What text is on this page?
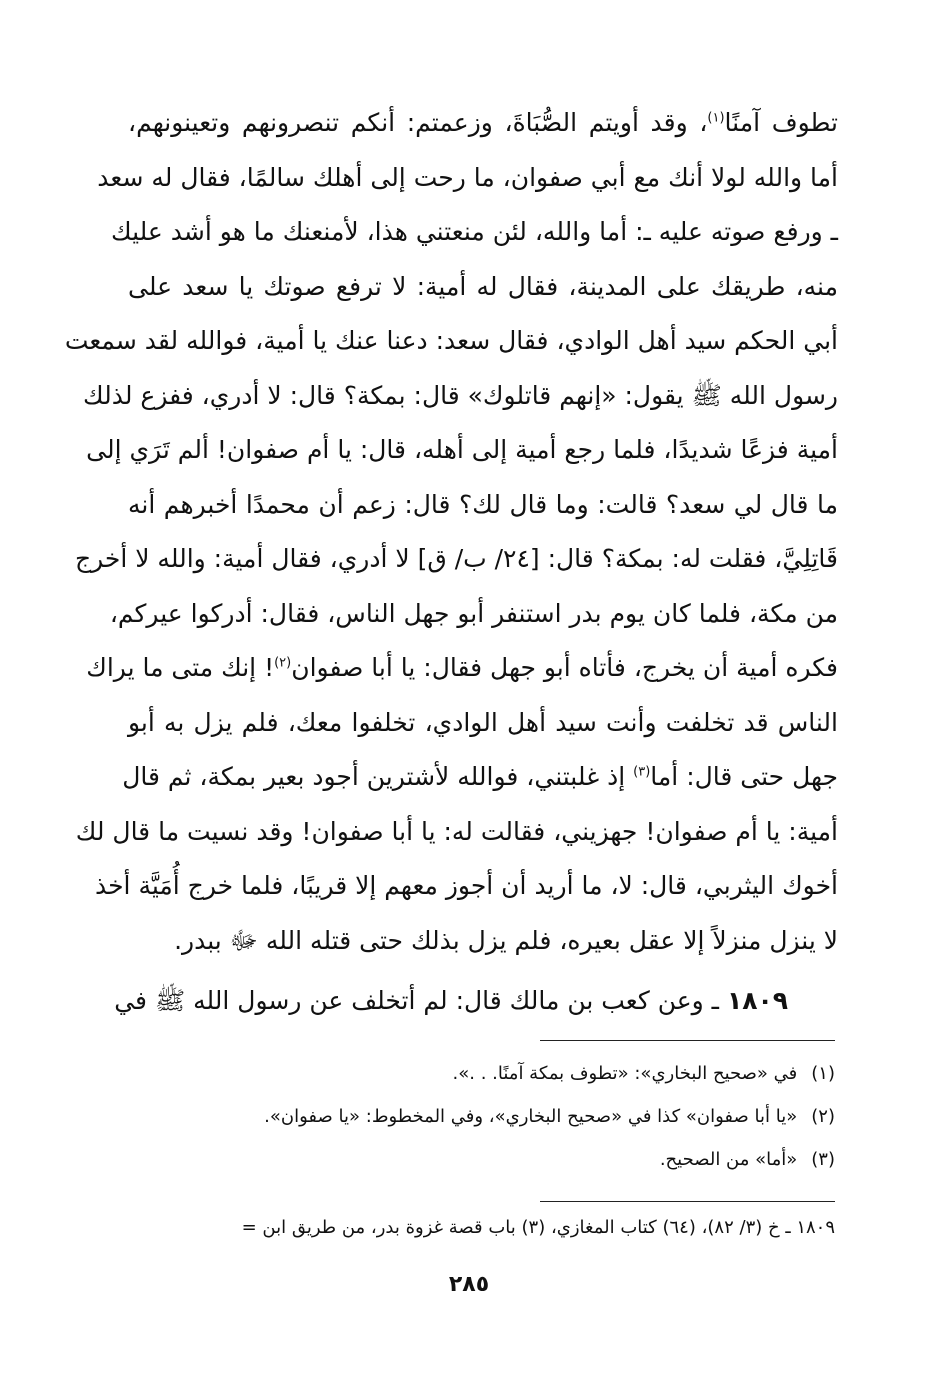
تطوف آمنًا$^{(١)}$، وقد أويتم الصُّبَاةَ، وزعمتم: أنكم تنصرونهم وتعينونهم،
أما والله لولا أنك مع أبي صفوان، ما رحت إلى أهلك سالمًا، فقال له سعد
ـ ورفع صوته عليه ـ: أما والله، لئن منعتني هذا، لأمنعنك ما هو أشد عليك
منه، طريقك على المدينة، فقال له أمية: لا ترفع صوتك يا سعد على
أبي الحكم سيد أهل الوادي، فقال سعد: دعنا عنك يا أمية، فوالله لقد سمعت
رسول الله ﷺ يقول: «إنهم قاتلوك» قال: بمكة؟ قال: لا أدري، ففزع لذلك
أمية فزعًا شديدًا، فلما رجع أمية إلى أهله، قال: يا أم صفوان! ألم تَرَي إلى
ما قال لي سعد؟ قالت: وما قال لك؟ قال: زعم أن محمدًا أخبرهم أنه
قَاتِلِيَّ، فقلت له: بمكة؟ قال: [٢٤/ ب/ ق] لا أدري، فقال أمية: والله لا أخرج
من مكة، فلما كان يوم بدر استنفر أبو جهل الناس، فقال: أدركوا عيركم،
فكره أمية أن يخرج، فأتاه أبو جهل فقال: يا أبا صفوان$^{(٢)}$! إنك متى ما يراك
الناس قد تخلفت وأنت سيد أهل الوادي، تخلفوا معك، فلم يزل به أبو
جهل حتى قال: أما$^{(٣)}$ إذ غلبتني، فوالله لأشترين أجود بعير بمكة، ثم قال
أمية: يا أم صفوان! جهزيني، فقالت له: يا أبا صفوان! وقد نسيت ما قال لك
أخوك اليثربي، قال: لا، ما أريد أن أجوز معهم إلا قريبًا، فلما خرج أُمَيَّة أخذ
لا ينزل منزلاً إلا عقل بعيره، فلم يزل بذلك حتى قتله الله ﷻ ببدر.
١٨٠٩ ـ وعن كعب بن مالك قال: لم أتخلف عن رسول الله ﷺ في
(١)في «صحيح البخاري»: «تطوف بمكة آمنًا. . .».
(٢)«يا أبا صفوان» كذا في «صحيح البخاري»، وفي المخطوط: «يا صفوان».
(٣)«أما» من الصحيح.
١٨٠٩ ـ خ (٣/ ٨٢)، (٦٤) كتاب المغازي، (٣) باب قصة غزوة بدر، من طريق ابن =
٢٨٥
